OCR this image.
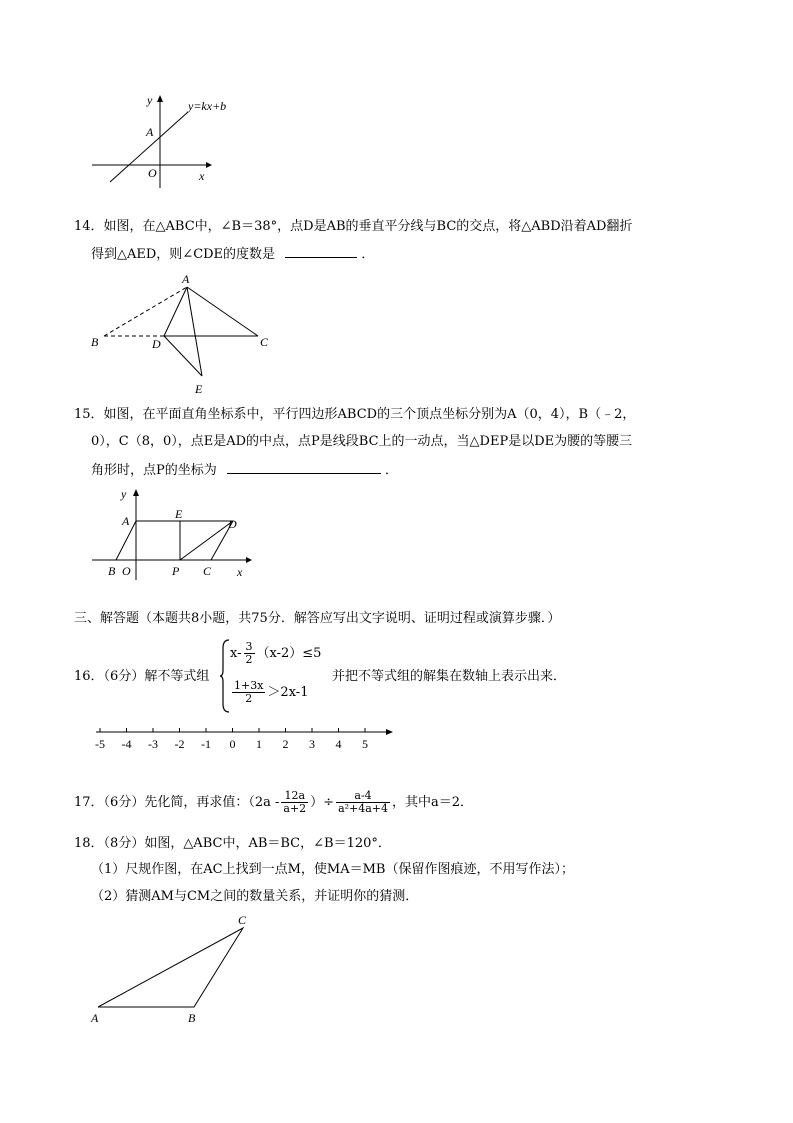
y
x
A
O
y=kx+b
14．如图，在△ABC中，∠B＝38°，点D是AB的垂直平分线与BC的交点，将△ABD沿着AD翻折
得到△AED，则∠CDE的度数是	．
A
B	D	C
E
15．如图，在平面直角坐标系中，平行四边形ABCD的三个顶点坐标分别为A（0，4），B（﹣2，
0），C（8，0），点E是AD的中点，点P是线段BC上的一动点，当△DEP是以DE为腰的等腰三
角形时，点P的坐标为	．
y
A	E
D
B O	P C x
三、解答题（本题共8小题，共75分．解答应写出文字说明、证明过程或演算步骤．）
16．（6分）解不等式组
$x- \frac{3}{2} (x-2)\le 5$
$\frac{1+3x}{2} >2x-1$
并把不等式组的解集在数轴上表示出来．
-5 -4 -3 -2 -1 0 1 2 3 4 5
17．（6分）先化简，再求值：（$2a - \frac{12a}{a+2}$ ）÷ $\frac{a-4}{\text{a²+4a+4}}$ ，其中a＝2．
18．（8分）如图，△ABC中，AB＝BC，∠B＝120°．
（1）尺规作图，在AC上找到一点M，使MA＝MB（保留作图痕迹，不用写作法）；
（2）猜测AM与CM之间的数量关系，并证明你的猜测．
A	B
C
